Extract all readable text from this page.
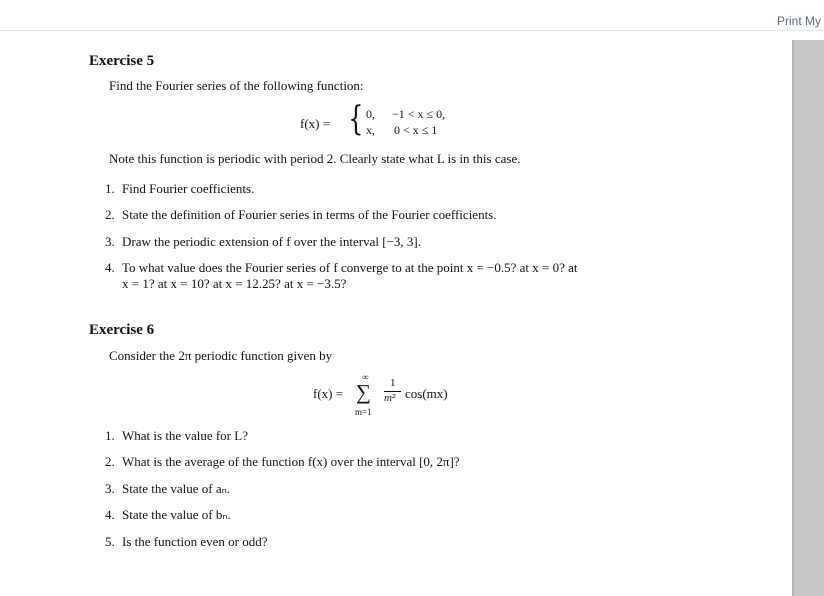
Print My
Exercise 5
Find the Fourier series of the following function:
f(x) = { 0, −1 < x ≤ 0,
x, 0 < x ≤ 1
Note this function is periodic with period 2. Clearly state what L is in this case.
1. Find Fourier coefficients.
2. State the definition of Fourier series in terms of the Fourier coefficients.
3. Draw the periodic extension of f over the interval [−3, 3].
4. To what value does the Fourier series of f converge to at the point x = −0.5? at x = 0? at
x = 1? at x = 10? at x = 12.25? at x = −3.5?
Exercise 6
Consider the 2π periodic function given by
f(x) =
∞
∑
m=1
1
m² cos(mx)
1. What is the value for L?
2. What is the average of the function f(x) over the interval [0, 2π]?
3. State the value of aₙ.
4. State the value of bₙ.
5. Is the function even or odd?
